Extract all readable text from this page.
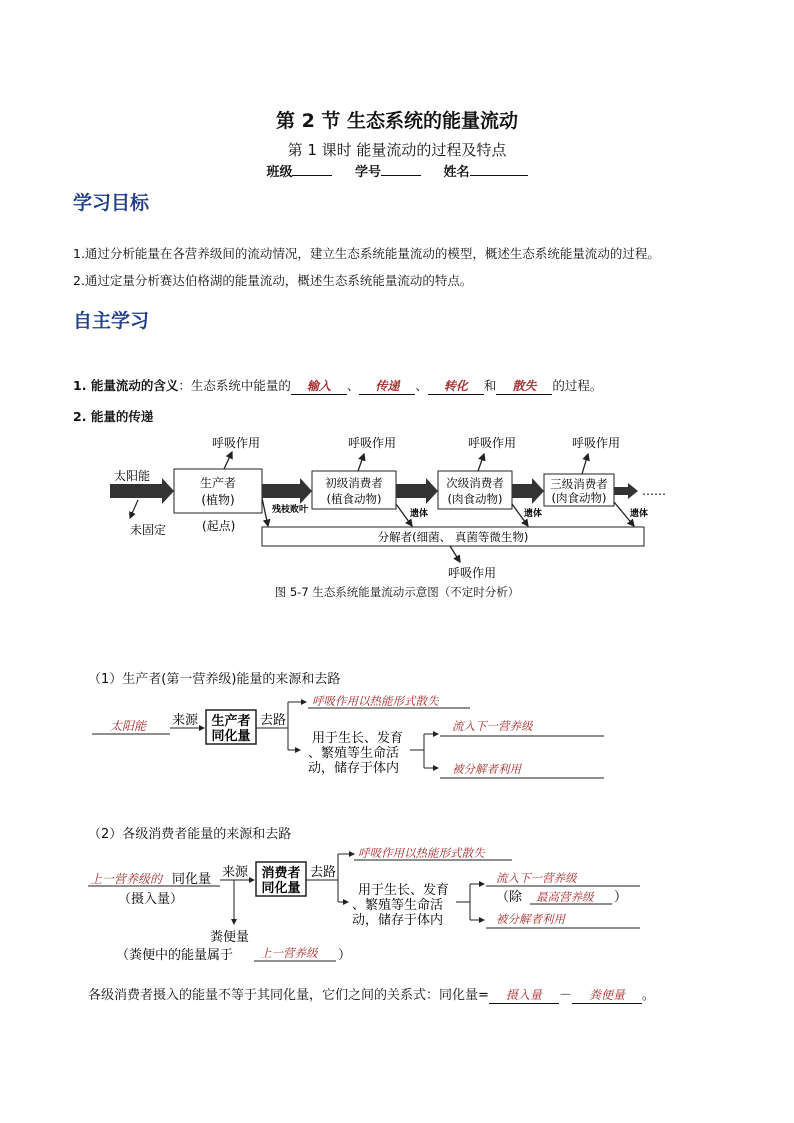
第 2 节 生态系统的能量流动
第 1 课时 能量流动的过程及特点
班级	学号	姓名
学习目标
1.通过分析能量在各营养级间的流动情况，建立生态系统能量流动的模型，概述生态系统能量流动的过程。
2.通过定量分析赛达伯格湖的能量流动，概述生态系统能量流动的特点。
自主学习
1. 能量流动的含义：生态系统中能量的 输入 、 传递 、 转化 和 散失 的过程。
2. 能量的传递
太阳能
未固定
生产者
(植物)
(起点)
初级消费者
(植食动物)
次级消费者
(肉食动物)
三级消费者
(肉食动物)	……
呼吸作用	呼吸作用	呼吸作用	呼吸作用
分解者(细菌、 真菌等微生物)
残枝败叶	遗体	遗体	遗体
呼吸作用
图 5-7 生态系统能量流动示意图（不定时分析）
（1）生产者(第一营养级)能量的来源和去路
太阳能 来源 生产者
同化量
去路
呼吸作用以热能形式散失
用于生长、发育
、繁殖等生命活
动，储存于体内
流入下一营养级
被分解者利用
（2）各级消费者能量的来源和去路
上一营养级的 同化量
（摄入量）
来源 消费者
同化量
去路
呼吸作用以热能形式散失
用于生长、发育
、繁殖等生命活
动，储存于体内
流入下一营养级
（除 最高营养级 ）
被分解者利用
粪便量
（粪便中的能量属于 上一营养级 ）
各级消费者摄入的能量不等于其同化量，它们之间的关系式：同化量= 摄入量 － 粪便量 。
